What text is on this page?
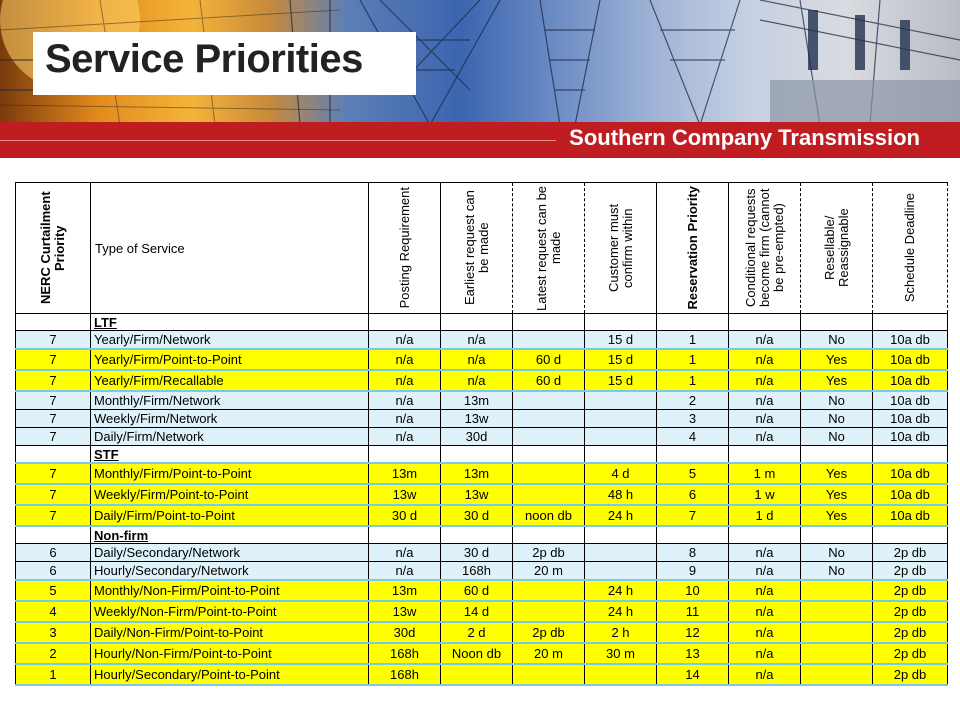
Service Priorities
Southern Company Transmission
NERC Curtailment Priority	Type of Service	Posting Requirement	Earliest request can be made	Latest request can be made	Customer must confirm within	Reservation Priority	Conditional requests become firm (cannot be pre-empted)	Resellable/ Reassignable	Schedule Deadline

	LTF								
7	Yearly/Firm/Network	n/a	n/a		15 d	1	n/a	No	10a db
7	Yearly/Firm/Point-to-Point	n/a	n/a	60 d	15 d	1	n/a	Yes	10a db
7	Yearly/Firm/Recallable	n/a	n/a	60 d	15 d	1	n/a	Yes	10a db
7	Monthly/Firm/Network	n/a	13m			2	n/a	No	10a db
7	Weekly/Firm/Network	n/a	13w			3	n/a	No	10a db
7	Daily/Firm/Network	n/a	30d			4	n/a	No	10a db
	STF								
7	Monthly/Firm/Point-to-Point	13m	13m		4 d	5	1 m	Yes	10a db
7	Weekly/Firm/Point-to-Point	13w	13w		48 h	6	1 w	Yes	10a db
7	Daily/Firm/Point-to-Point	30 d	30 d	noon db	24 h	7	1 d	Yes	10a db
	Non-firm								
6	Daily/Secondary/Network	n/a	30 d	2p db		8	n/a	No	2p db
6	Hourly/Secondary/Network	n/a	168h	20 m		9	n/a	No	2p db
5	Monthly/Non-Firm/Point-to-Point	13m	60 d		24 h	10	n/a		2p db
4	Weekly/Non-Firm/Point-to-Point	13w	14 d		24 h	11	n/a		2p db
3	Daily/Non-Firm/Point-to-Point	30d	2 d	2p db	2 h	12	n/a		2p db
2	Hourly/Non-Firm/Point-to-Point	168h	Noon db	20 m	30 m	13	n/a		2p db
1	Hourly/Secondary/Point-to-Point	168h				14	n/a		2p db
